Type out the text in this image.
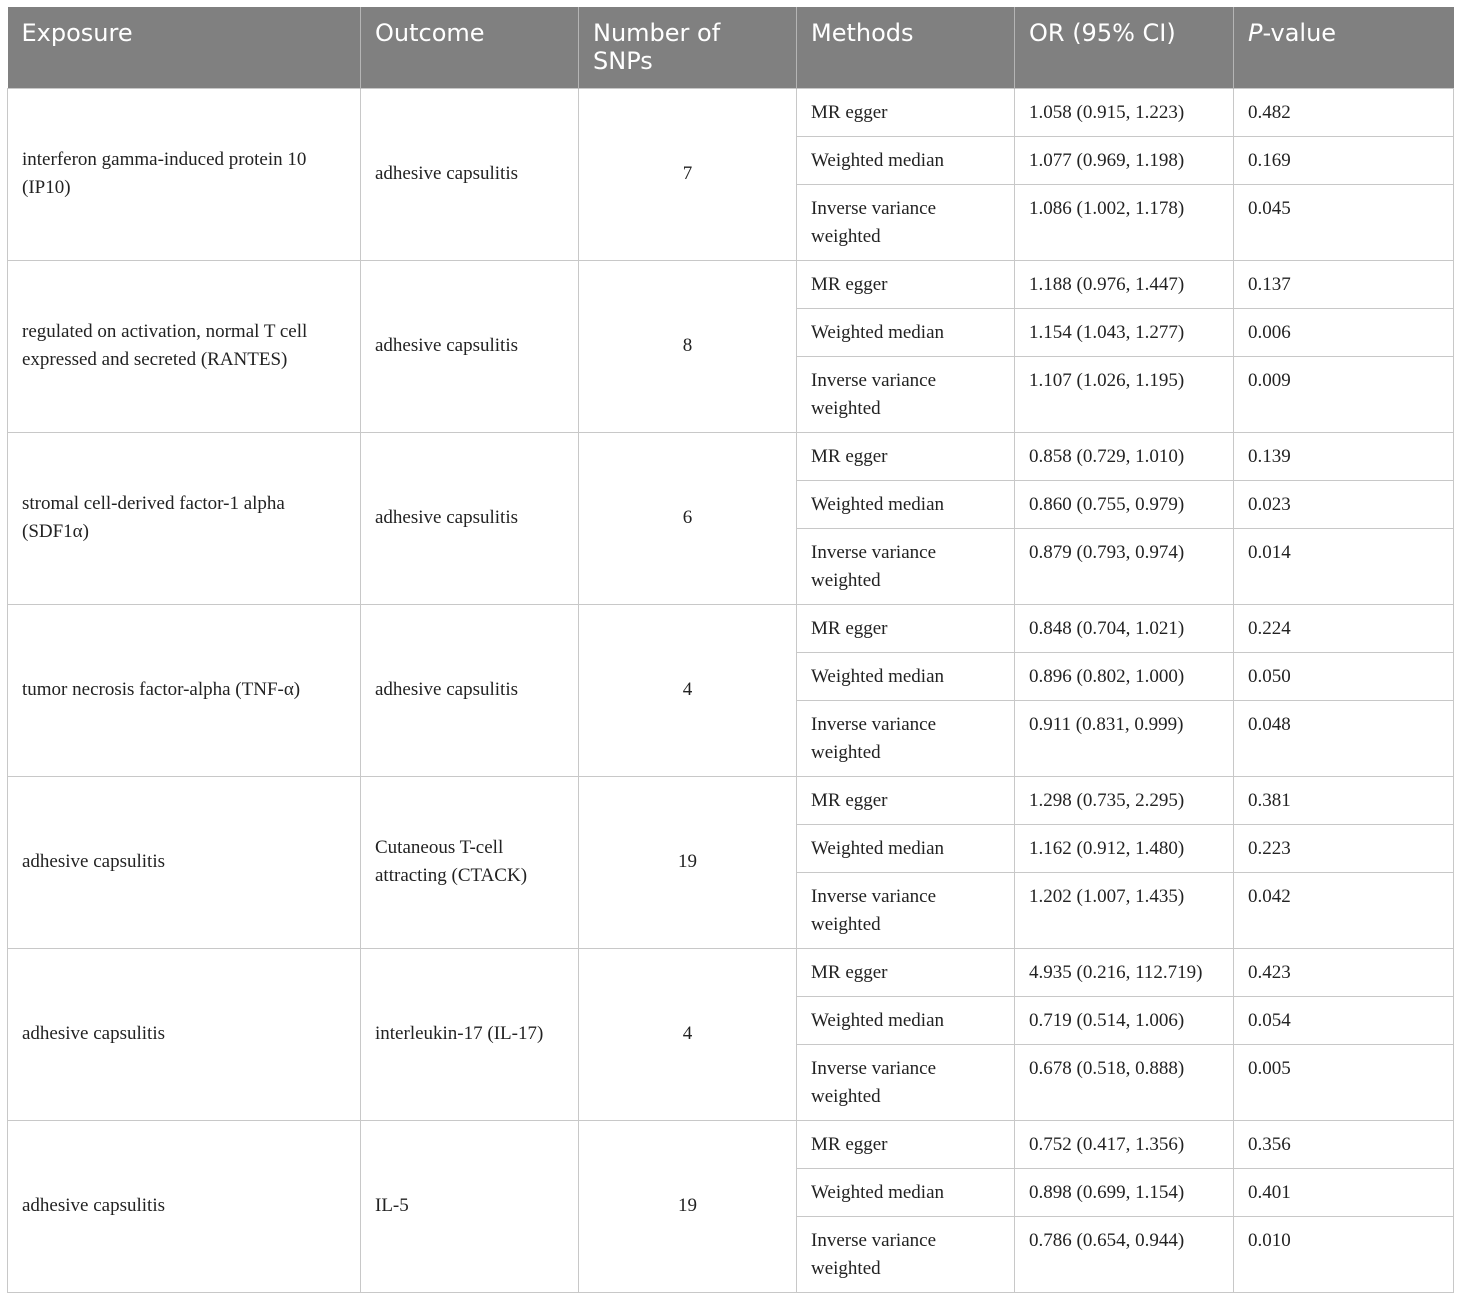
Exposure	Outcome	Number of SNPs	Methods	OR (95% CI)	P-value
interferon gamma-induced protein 10 (IP10)	adhesive capsulitis	7	MR egger	1.058 (0.915, 1.223)	0.482
			Weighted median	1.077 (0.969, 1.198)	0.169
			Inverse variance weighted	1.086 (1.002, 1.178)	0.045
regulated on activation, normal T cell expressed and secreted (RANTES)	adhesive capsulitis	8	MR egger	1.188 (0.976, 1.447)	0.137
			Weighted median	1.154 (1.043, 1.277)	0.006
			Inverse variance weighted	1.107 (1.026, 1.195)	0.009
stromal cell-derived factor-1 alpha (SDF1α)	adhesive capsulitis	6	MR egger	0.858 (0.729, 1.010)	0.139
			Weighted median	0.860 (0.755, 0.979)	0.023
			Inverse variance weighted	0.879 (0.793, 0.974)	0.014
tumor necrosis factor-alpha (TNF-α)	adhesive capsulitis	4	MR egger	0.848 (0.704, 1.021)	0.224
			Weighted median	0.896 (0.802, 1.000)	0.050
			Inverse variance weighted	0.911 (0.831, 0.999)	0.048
adhesive capsulitis	Cutaneous T-cell attracting (CTACK)	19	MR egger	1.298 (0.735, 2.295)	0.381
			Weighted median	1.162 (0.912, 1.480)	0.223
			Inverse variance weighted	1.202 (1.007, 1.435)	0.042
adhesive capsulitis	interleukin-17 (IL-17)	4	MR egger	4.935 (0.216, 112.719)	0.423
			Weighted median	0.719 (0.514, 1.006)	0.054
			Inverse variance weighted	0.678 (0.518, 0.888)	0.005
adhesive capsulitis	IL-5	19	MR egger	0.752 (0.417, 1.356)	0.356
			Weighted median	0.898 (0.699, 1.154)	0.401
			Inverse variance weighted	0.786 (0.654, 0.944)	0.010
